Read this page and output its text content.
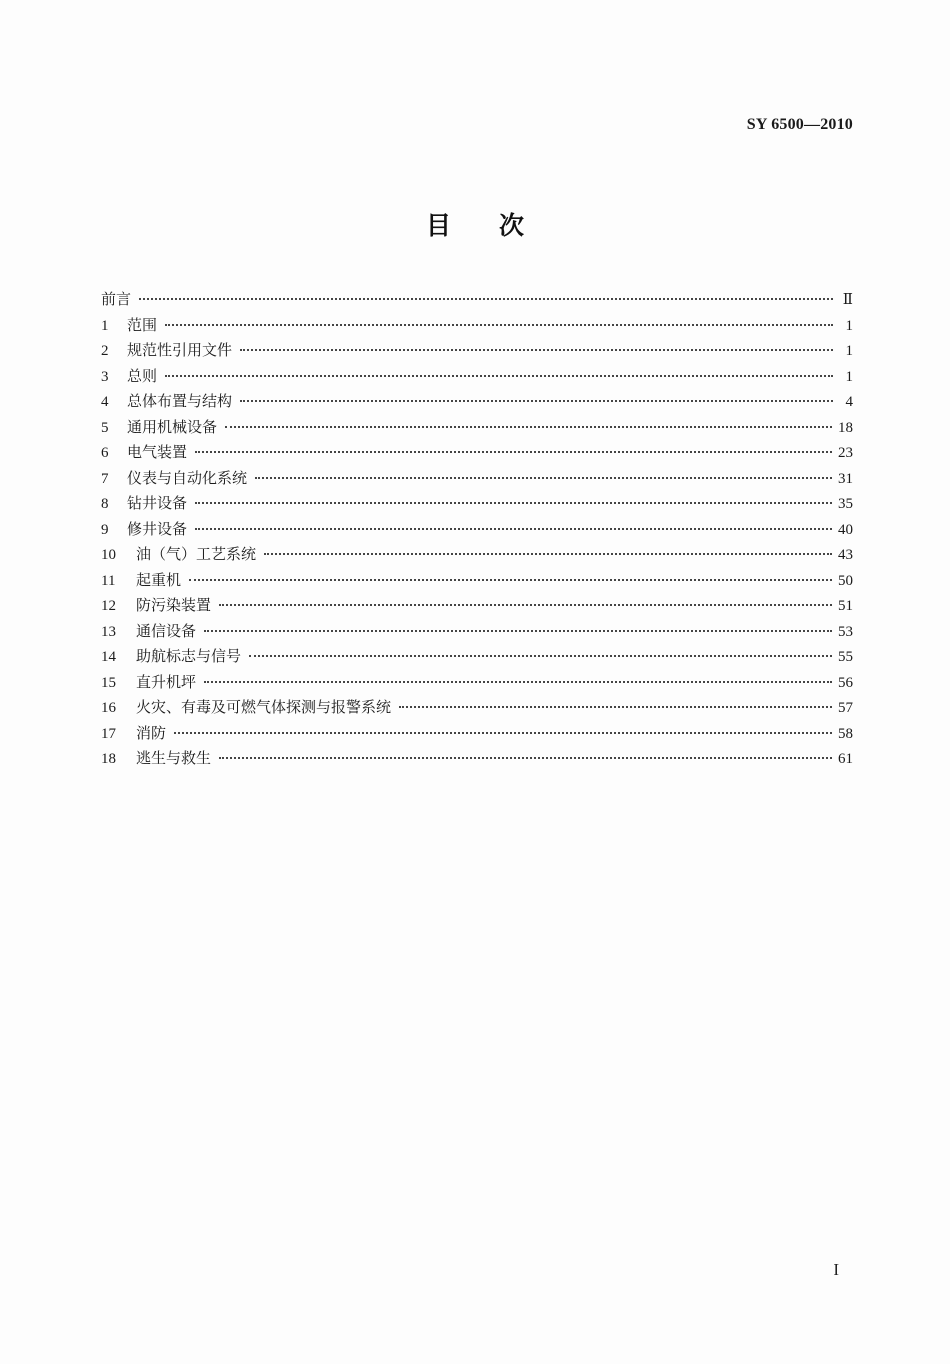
SY 6500—2010
目次
前言	Ⅱ
1	范围	1
2	规范性引用文件	1
3	总则	1
4	总体布置与结构	4
5	通用机械设备	18
6	电气装置	23
7	仪表与自动化系统	31
8	钻井设备	35
9	修井设备	40
10	油（气）工艺系统	43
11	起重机	50
12	防污染装置	51
13	通信设备	53
14	助航标志与信号	55
15	直升机坪	56
16	火灾、有毒及可燃气体探测与报警系统	57
17	消防	58
18	逃生与救生	61
I
